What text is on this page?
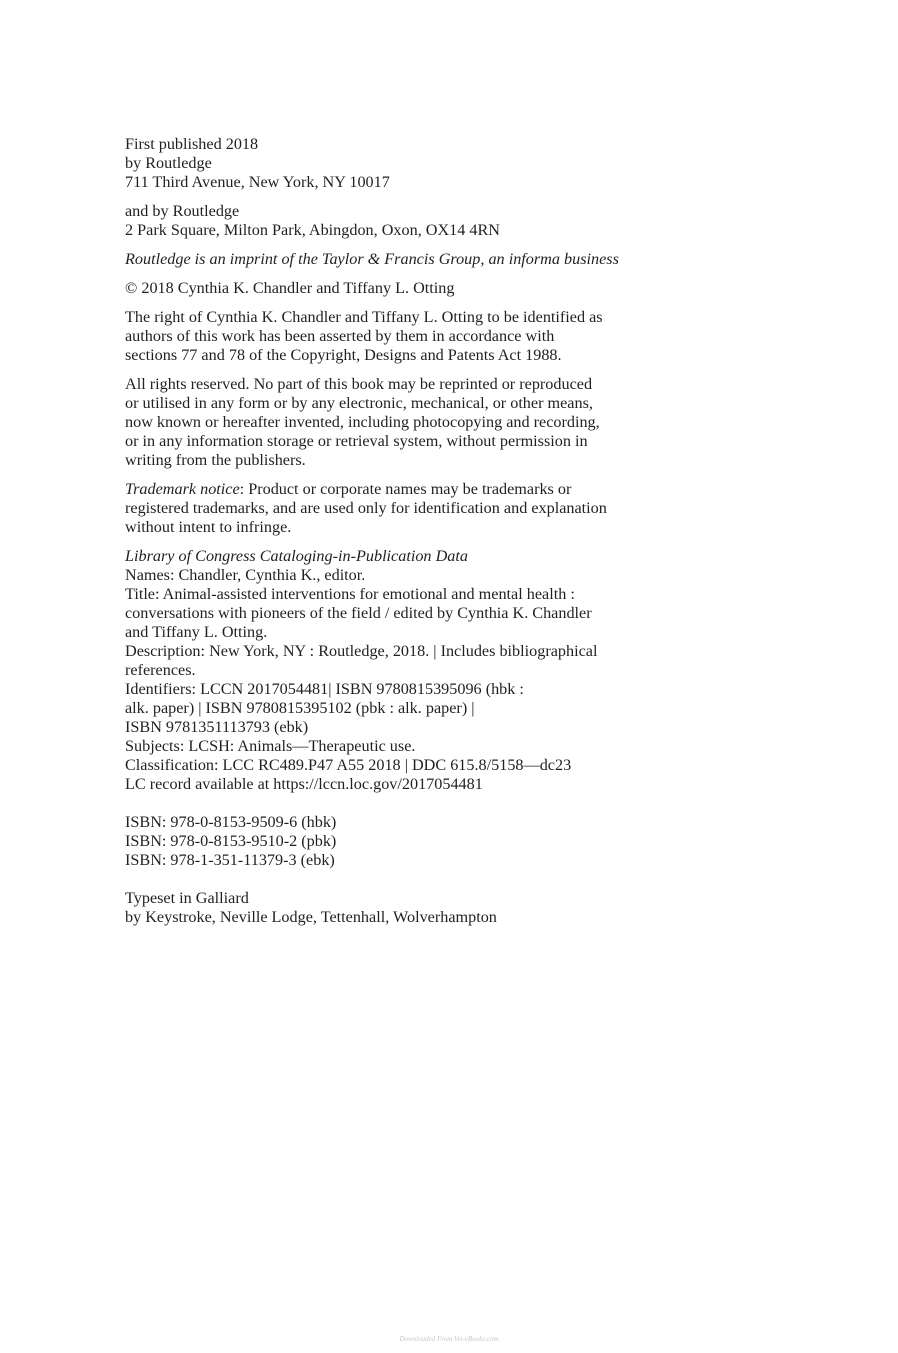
First published 2018
by Routledge
711 Third Avenue, New York, NY 10017

and by Routledge
2 Park Square, Milton Park, Abingdon, Oxon, OX14 4RN

Routledge is an imprint of the Taylor & Francis Group, an informa business

© 2018 Cynthia K. Chandler and Tiffany L. Otting

The right of Cynthia K. Chandler and Tiffany L. Otting to be identified as
authors of this work has been asserted by them in accordance with
sections 77 and 78 of the Copyright, Designs and Patents Act 1988.

All rights reserved. No part of this book may be reprinted or reproduced
or utilised in any form or by any electronic, mechanical, or other means,
now known or hereafter invented, including photocopying and recording,
or in any information storage or retrieval system, without permission in
writing from the publishers.

Trademark notice: Product or corporate names may be trademarks or
registered trademarks, and are used only for identification and explanation
without intent to infringe.

Library of Congress Cataloging-in-Publication Data
Names: Chandler, Cynthia K., editor.
Title: Animal-assisted interventions for emotional and mental health :
conversations with pioneers of the field / edited by Cynthia K. Chandler
and Tiffany L. Otting.
Description: New York, NY : Routledge, 2018. | Includes bibliographical
references.
Identifiers: LCCN 2017054481| ISBN 9780815395096 (hbk :
alk. paper) | ISBN 9780815395102 (pbk : alk. paper) |
ISBN 9781351113793 (ebk)
Subjects: LCSH: Animals—Therapeutic use.
Classification: LCC RC489.P47 A55 2018 | DDC 615.8/5158—dc23
LC record available at https://lccn.loc.gov/2017054481

ISBN: 978-0-8153-9509-6 (hbk)
ISBN: 978-0-8153-9510-2 (pbk)
ISBN: 978-1-351-11379-3 (ebk)

Typeset in Galliard
by Keystroke, Neville Lodge, Tettenhall, Wolverhampton

Downloaded From Vet-eBooks.com
